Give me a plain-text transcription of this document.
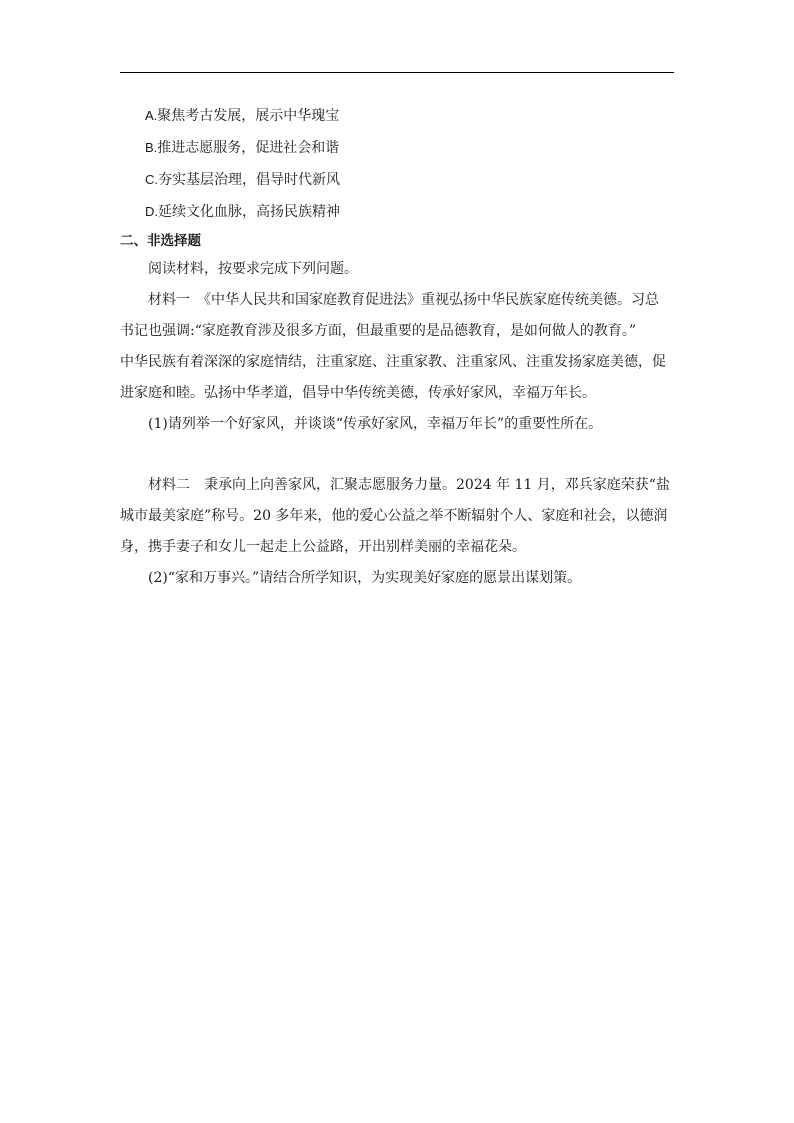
A.聚焦考古发展，展示中华瑰宝

B.推进志愿服务，促进社会和谐

C.夯实基层治理，倡导时代新风

D.延续文化血脉，高扬民族精神

二、非选择题

阅读材料，按要求完成下列问题。

材料一　《中华人民共和国家庭教育促进法》重视弘扬中华民族家庭传统美德。习总

书记也强调:“家庭教育涉及很多方面，但最重要的是品德教育，是如何做人的教育。”

中华民族有着深深的家庭情结，注重家庭、注重家教、注重家风、注重发扬家庭美德，促

进家庭和睦。弘扬中华孝道，倡导中华传统美德，传承好家风，幸福万年长。

(1)请列举一个好家风，并谈谈“传承好家风，幸福万年长”的重要性所在。

材料二　秉承向上向善家风，汇聚志愿服务力量。2024 年 11 月，邓兵家庭荣获“盐

城市最美家庭”称号。20 多年来，他的爱心公益之举不断辐射个人、家庭和社会，以德润

身，携手妻子和女儿一起走上公益路，开出别样美丽的幸福花朵。

(2)“家和万事兴。”请结合所学知识，为实现美好家庭的愿景出谋划策。
